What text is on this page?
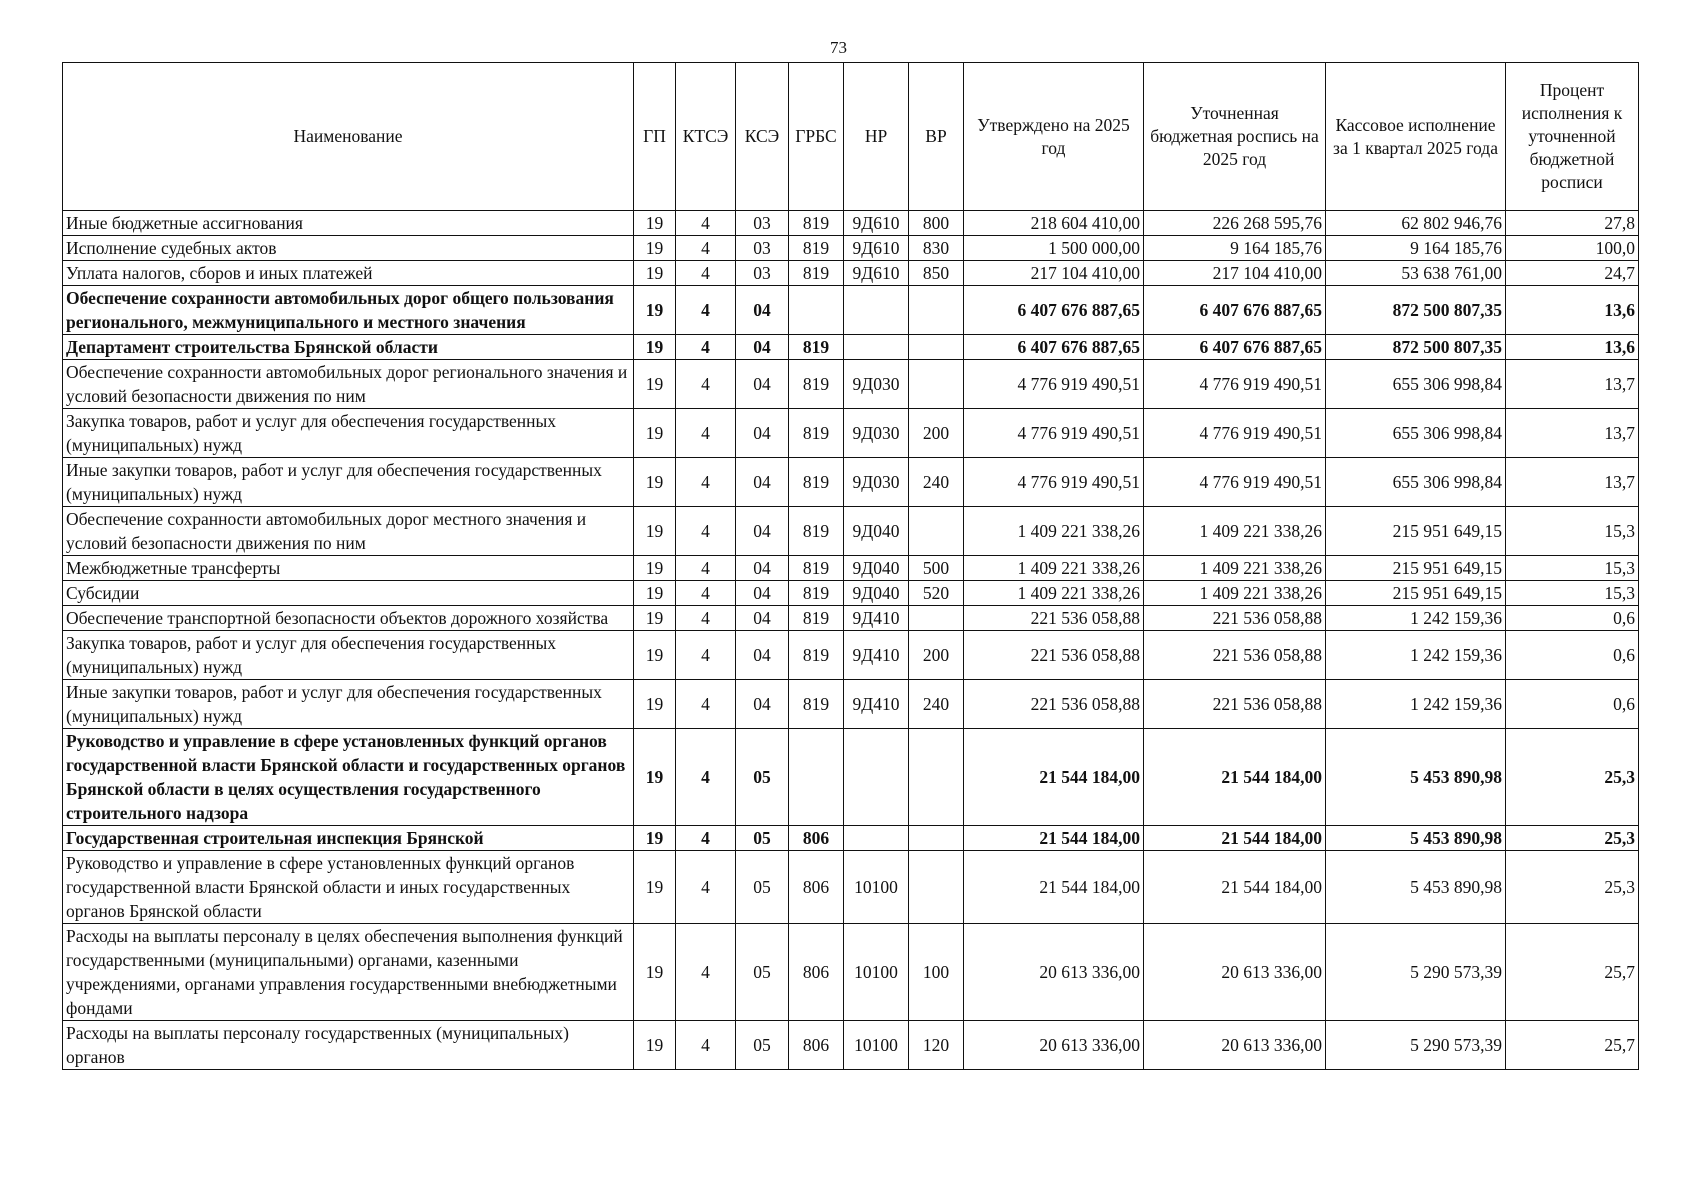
73
Наименование	ГП	КТСЭ	КСЭ	ГРБС	НР	ВР	Утверждено на 2025 год	Уточненная бюджетная роспись на 2025 год	Кассовое исполнение за 1 квартал 2025 года	Процент исполнения к уточненной бюджетной росписи
Иные бюджетные ассигнования	19	4	03	819	9Д610	800	218 604 410,00	226 268 595,76	62 802 946,76	27,8
Исполнение судебных актов	19	4	03	819	9Д610	830	1 500 000,00	9 164 185,76	9 164 185,76	100,0
Уплата налогов, сборов и иных платежей	19	4	03	819	9Д610	850	217 104 410,00	217 104 410,00	53 638 761,00	24,7
Обеспечение сохранности автомобильных дорог общего пользования регионального, межмуниципального и местного значения	19	4	04				6 407 676 887,65	6 407 676 887,65	872 500 807,35	13,6
Департамент строительства Брянской области	19	4	04	819			6 407 676 887,65	6 407 676 887,65	872 500 807,35	13,6
Обеспечение сохранности автомобильных дорог регионального значения и условий безопасности движения по ним	19	4	04	819	9Д030		4 776 919 490,51	4 776 919 490,51	655 306 998,84	13,7
Закупка товаров, работ и услуг для обеспечения государственных (муниципальных) нужд	19	4	04	819	9Д030	200	4 776 919 490,51	4 776 919 490,51	655 306 998,84	13,7
Иные закупки товаров, работ и услуг для обеспечения государственных (муниципальных) нужд	19	4	04	819	9Д030	240	4 776 919 490,51	4 776 919 490,51	655 306 998,84	13,7
Обеспечение сохранности автомобильных дорог местного значения и условий безопасности движения по ним	19	4	04	819	9Д040		1 409 221 338,26	1 409 221 338,26	215 951 649,15	15,3
Межбюджетные трансферты	19	4	04	819	9Д040	500	1 409 221 338,26	1 409 221 338,26	215 951 649,15	15,3
Субсидии	19	4	04	819	9Д040	520	1 409 221 338,26	1 409 221 338,26	215 951 649,15	15,3
Обеспечение транспортной безопасности объектов дорожного хозяйства	19	4	04	819	9Д410		221 536 058,88	221 536 058,88	1 242 159,36	0,6
Закупка товаров, работ и услуг для обеспечения государственных (муниципальных) нужд	19	4	04	819	9Д410	200	221 536 058,88	221 536 058,88	1 242 159,36	0,6
Иные закупки товаров, работ и услуг для обеспечения государственных (муниципальных) нужд	19	4	04	819	9Д410	240	221 536 058,88	221 536 058,88	1 242 159,36	0,6
Руководство и управление в сфере установленных функций органов государственной власти Брянской области и государственных органов Брянской области в целях осуществления государственного строительного надзора	19	4	05				21 544 184,00	21 544 184,00	5 453 890,98	25,3
Государственная строительная инспекция Брянской	19	4	05	806			21 544 184,00	21 544 184,00	5 453 890,98	25,3
Руководство и управление в сфере установленных функций органов государственной власти Брянской области и иных государственных органов Брянской области	19	4	05	806	10100		21 544 184,00	21 544 184,00	5 453 890,98	25,3
Расходы на выплаты персоналу в целях обеспечения выполнения функций государственными (муниципальными) органами, казенными учреждениями, органами управления государственными внебюджетными фондами	19	4	05	806	10100	100	20 613 336,00	20 613 336,00	5 290 573,39	25,7
Расходы на выплаты персоналу государственных (муниципальных) органов	19	4	05	806	10100	120	20 613 336,00	20 613 336,00	5 290 573,39	25,7
